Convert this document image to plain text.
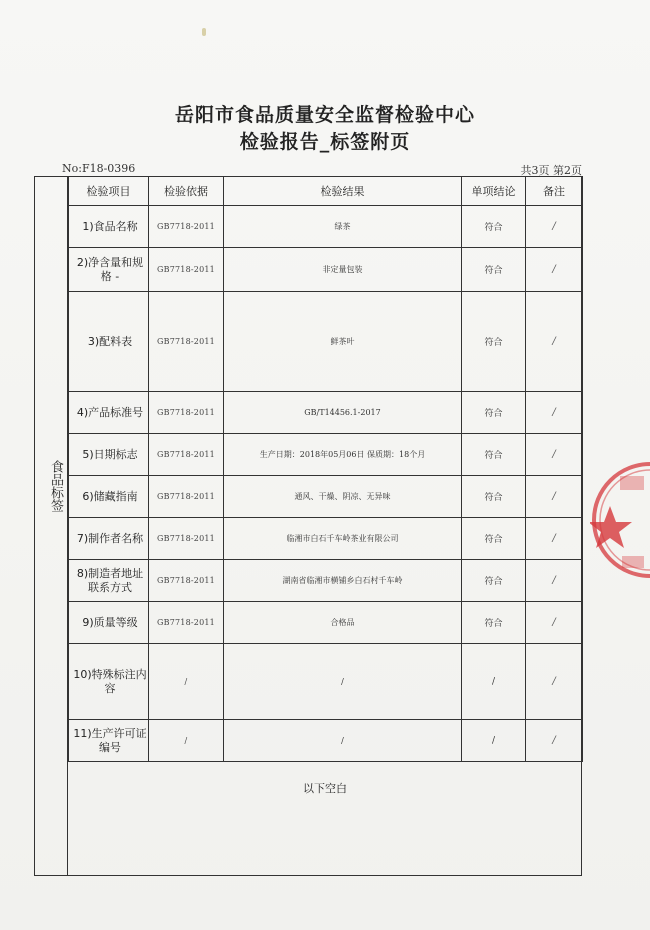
岳阳市食品质量安全监督检验中心
检验报告_标签附页
No:F18-0396	共3页 第2页
食品标签
检验项目	检验依据	检验结果	单项结论	备注
1)食品名称	GB7718-2011	绿茶	符合	/
2)净含量和规格 -	GB7718-2011	非定量包装	符合	/
3)配料表	GB7718-2011	鲜茶叶	符合	/
4)产品标准号	GB7718-2011	GB/T14456.1-2017	符合	/
5)日期标志	GB7718-2011	生产日期：2018年05月06日 保质期：18个月	符合	/
6)储藏指南	GB7718-2011	通风、干燥、阴凉、无异味	符合	/
7)制作者名称	GB7718-2011	临湘市白石千车岭茶业有限公司	符合	/
8)制造者地址联系方式	GB7718-2011	湖南省临湘市横铺乡白石村千车岭	符合	/
9)质量等级	GB7718-2011	合格品	符合	/
10)特殊标注内容	/	/	/	/
11)生产许可证编号	/	/	/	/
以下空白
